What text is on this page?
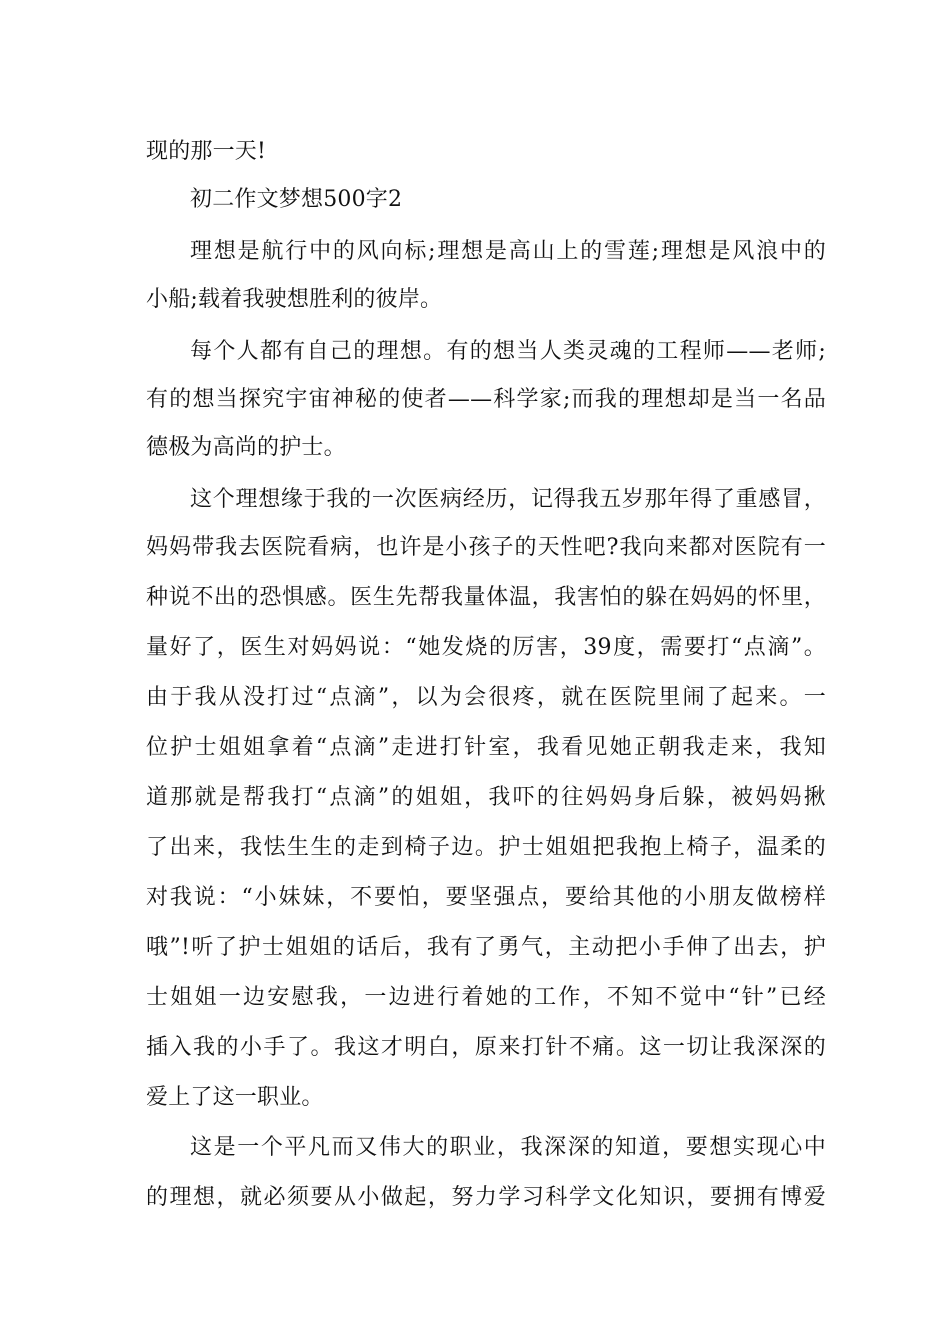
现的那一天!
初二作文梦想500字2
理想是航行中的风向标;理想是高山上的雪莲;理想是风浪中的
小船;载着我驶想胜利的彼岸。
每个人都有自己的理想。有的想当人类灵魂的工程师——老师;
有的想当探究宇宙神秘的使者——科学家;而我的理想却是当一名品
德极为高尚的护士。
这个理想缘于我的一次医病经历，记得我五岁那年得了重感冒，
妈妈带我去医院看病，也许是小孩子的天性吧?我向来都对医院有一
种说不出的恐惧感。医生先帮我量体温，我害怕的躲在妈妈的怀里，
量好了，医生对妈妈说：“她发烧的厉害，39度，需要打“点滴”。
由于我从没打过“点滴”，以为会很疼，就在医院里闹了起来。一
位护士姐姐拿着“点滴”走进打针室，我看见她正朝我走来，我知
道那就是帮我打“点滴”的姐姐，我吓的往妈妈身后躲，被妈妈揪
了出来，我怯生生的走到椅子边。护士姐姐把我抱上椅子，温柔的
对我说：“小妹妹，不要怕，要坚强点，要给其他的小朋友做榜样
哦”!听了护士姐姐的话后，我有了勇气，主动把小手伸了出去，护
士姐姐一边安慰我，一边进行着她的工作，不知不觉中“针”已经
插入我的小手了。我这才明白，原来打针不痛。这一切让我深深的
爱上了这一职业。
这是一个平凡而又伟大的职业，我深深的知道，要想实现心中
的理想，就必须要从小做起，努力学习科学文化知识，要拥有博爱
